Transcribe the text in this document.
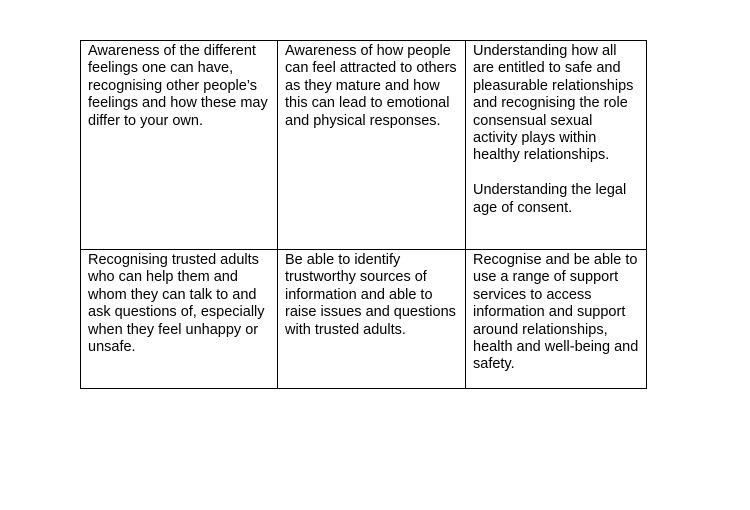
Awareness of the different feelings one can have, recognising other people’s feelings and how these may differ to your own.	Awareness of how people can feel attracted to others as they mature and how this can lead to emotional and physical responses.	Understanding how all are entitled to safe and pleasurable relationships and recognising the role consensual sexual activity plays within healthy relationships.
Understanding the legal age of consent.

Recognising trusted adults who can help them and whom they can talk to and ask questions of, especially when they feel unhappy or unsafe.	Be able to identify trustworthy sources of information and able to raise issues and questions with trusted adults.	Recognise and be able to use a range of support services to access information and support around relationships, health and well-being and safety.
